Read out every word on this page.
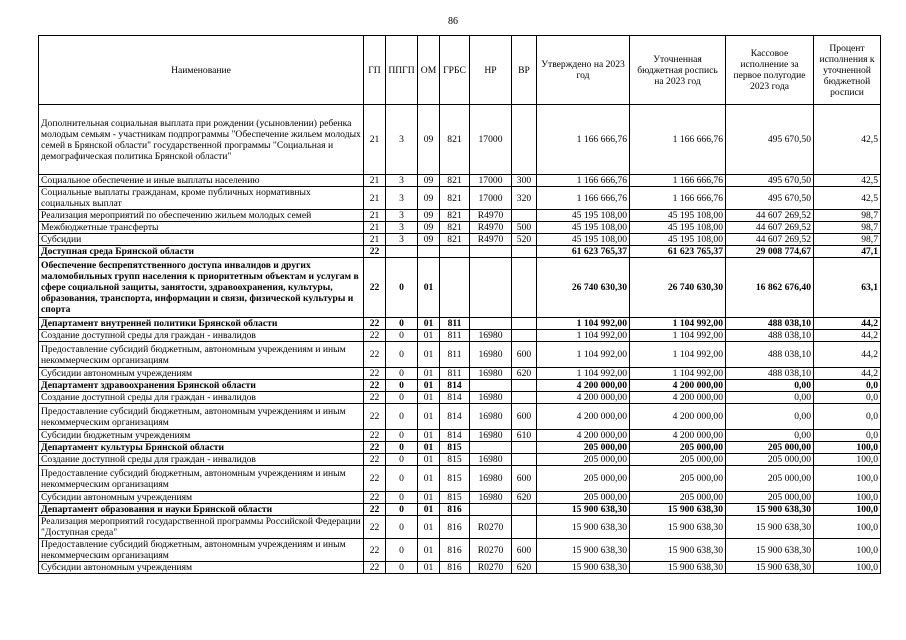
86
Наименование	ГП	ППГП	ОМ	ГРБС	НР	ВР	Утверждено на 2023 год	Уточненная бюджетная роспись на 2023 год	Кассовое исполнение за первое полугодие 2023 года	Процент исполнения к уточненной бюджетной росписи
Дополнительная социальная выплата при рождении (усыновлении) ребенка молодым семьям - участникам подпрограммы "Обеспечение жильем молодых семей в Брянской области" государственной программы "Социальная и демографическая политика Брянской области"	21	3	09	821	17000		1 166 666,76	1 166 666,76	495 670,50	42,5
Социальное обеспечение и иные выплаты населению	21	3	09	821	17000	300	1 166 666,76	1 166 666,76	495 670,50	42,5
Социальные выплаты гражданам, кроме публичных нормативных социальных выплат	21	3	09	821	17000	320	1 166 666,76	1 166 666,76	495 670,50	42,5
Реализация мероприятий по обеспечению жильем молодых семей	21	3	09	821	R4970		45 195 108,00	45 195 108,00	44 607 269,52	98,7
Межбюджетные трансферты	21	3	09	821	R4970	500	45 195 108,00	45 195 108,00	44 607 269,52	98,7
Субсидии	21	3	09	821	R4970	520	45 195 108,00	45 195 108,00	44 607 269,52	98,7
Доступная среда Брянской области	22						61 623 765,37	61 623 765,37	29 008 774,67	47,1
Обеспечение беспрепятственного доступа инвалидов и других маломобильных групп населения к приоритетным объектам и услугам в сфере социальной защиты, занятости, здравоохранения, культуры, образования, транспорта, информации и связи, физической культуры и спорта	22	0	01				26 740 630,30	26 740 630,30	16 862 676,40	63,1
Департамент внутренней политики Брянской области	22	0	01	811			1 104 992,00	1 104 992,00	488 038,10	44,2
Создание доступной среды для граждан - инвалидов	22	0	01	811	16980		1 104 992,00	1 104 992,00	488 038,10	44,2
Предоставление субсидий бюджетным, автономным учреждениям и иным некоммерческим организациям	22	0	01	811	16980	600	1 104 992,00	1 104 992,00	488 038,10	44,2
Субсидии автономным учреждениям	22	0	01	811	16980	620	1 104 992,00	1 104 992,00	488 038,10	44,2
Департамент здравоохранения Брянской области	22	0	01	814			4 200 000,00	4 200 000,00	0,00	0,0
Создание доступной среды для граждан - инвалидов	22	0	01	814	16980		4 200 000,00	4 200 000,00	0,00	0,0
Предоставление субсидий бюджетным, автономным учреждениям и иным некоммерческим организациям	22	0	01	814	16980	600	4 200 000,00	4 200 000,00	0,00	0,0
Субсидии бюджетным учреждениям	22	0	01	814	16980	610	4 200 000,00	4 200 000,00	0,00	0,0
Департамент культуры Брянской области	22	0	01	815			205 000,00	205 000,00	205 000,00	100,0
Создание доступной среды для граждан - инвалидов	22	0	01	815	16980		205 000,00	205 000,00	205 000,00	100,0
Предоставление субсидий бюджетным, автономным учреждениям и иным некоммерческим организациям	22	0	01	815	16980	600	205 000,00	205 000,00	205 000,00	100,0
Субсидии автономным учреждениям	22	0	01	815	16980	620	205 000,00	205 000,00	205 000,00	100,0
Департамент образования и науки Брянской области	22	0	01	816			15 900 638,30	15 900 638,30	15 900 638,30	100,0
Реализация мероприятий государственной программы Российской Федерации "Доступная среда"	22	0	01	816	R0270		15 900 638,30	15 900 638,30	15 900 638,30	100,0
Предоставление субсидий бюджетным, автономным учреждениям и иным некоммерческим организациям	22	0	01	816	R0270	600	15 900 638,30	15 900 638,30	15 900 638,30	100,0
Субсидии автономным учреждениям	22	0	01	816	R0270	620	15 900 638,30	15 900 638,30	15 900 638,30	100,0
